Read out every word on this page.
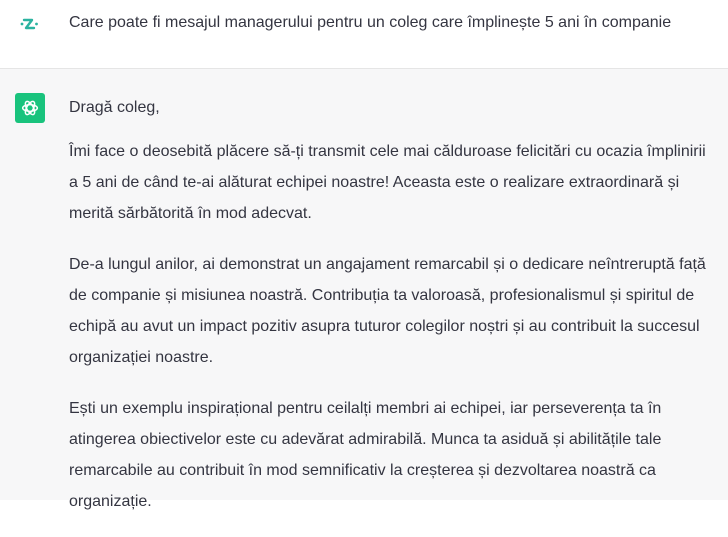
Care poate fi mesajul managerului pentru un coleg care împlinește 5 ani în companie

Dragă coleg,

Îmi face o deosebită plăcere să-ți transmit cele mai călduroase felicitări cu ocazia împlinirii a 5 ani de când te-ai alăturat echipei noastre! Aceasta este o realizare extraordinară și merită sărbătorită în mod adecvat.

De-a lungul anilor, ai demonstrat un angajament remarcabil și o dedicare neîntreruptă față de companie și misiunea noastră. Contribuția ta valoroasă, profesionalismul și spiritul de echipă au avut un impact pozitiv asupra tuturor colegilor noștri și au contribuit la succesul organizației noastre.

Ești un exemplu inspirațional pentru ceilalți membri ai echipei, iar perseverența ta în atingerea obiectivelor este cu adevărat admirabilă. Munca ta asiduă și abilitățile tale remarcabile au contribuit în mod semnificativ la creșterea și dezvoltarea noastră ca organizație.
